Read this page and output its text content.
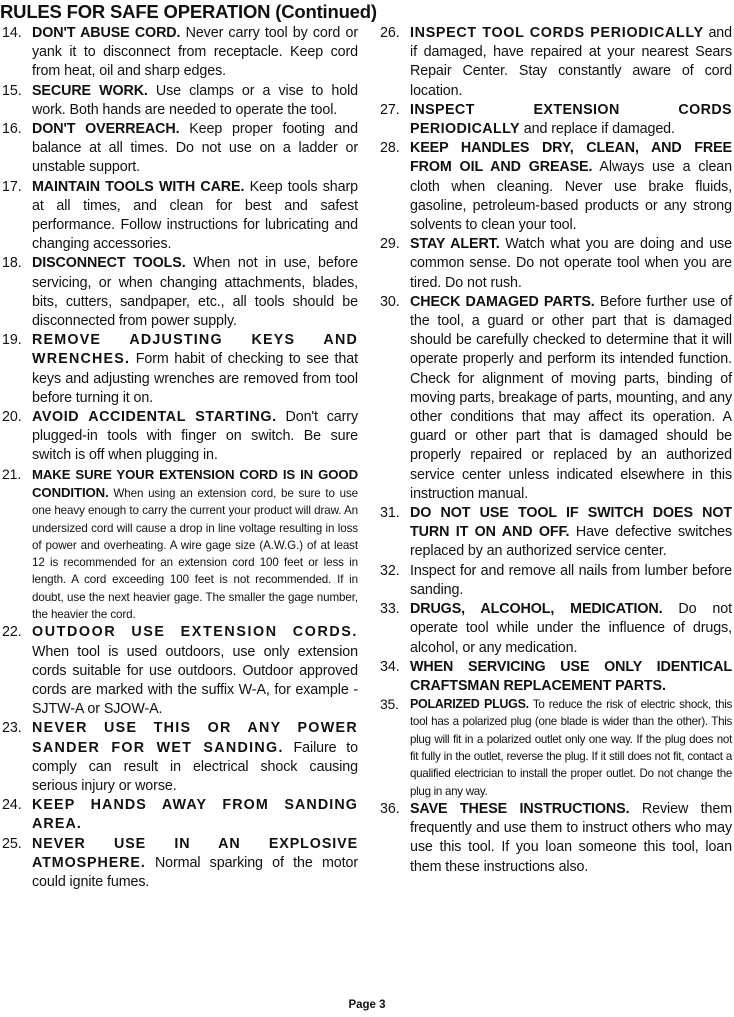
RULES FOR SAFE OPERATION (Continued)
14. DON'T ABUSE CORD. Never carry tool by cord or yank it to disconnect from receptacle. Keep cord from heat, oil and sharp edges.
15. SECURE WORK. Use clamps or a vise to hold work. Both hands are needed to operate the tool.
16. DON'T OVERREACH. Keep proper footing and balance at all times. Do not use on a ladder or unstable support.
17. MAINTAIN TOOLS WITH CARE. Keep tools sharp at all times, and clean for best and safest performance. Follow instructions for lubricating and changing accessories.
18. DISCONNECT TOOLS. When not in use, before servicing, or when changing attachments, blades, bits, cutters, sandpaper, etc., all tools should be disconnected from power supply.
19. REMOVE ADJUSTING KEYS AND WRENCHES. Form habit of checking to see that keys and adjusting wrenches are removed from tool before turning it on.
20. AVOID ACCIDENTAL STARTING. Don't carry plugged-in tools with finger on switch. Be sure switch is off when plugging in.
21. MAKE SURE YOUR EXTENSION CORD IS IN GOOD CONDITION. When using an extension cord, be sure to use one heavy enough to carry the current your product will draw. An undersized cord will cause a drop in line voltage resulting in loss of power and overheating. A wire gage size (A.W.G.) of at least 12 is recommended for an extension cord 100 feet or less in length. A cord exceeding 100 feet is not recommended. If in doubt, use the next heavier gage. The smaller the gage number, the heavier the cord.
22. OUTDOOR USE EXTENSION CORDS. When tool is used outdoors, use only extension cords suitable for use outdoors. Outdoor approved cords are marked with the suffix W-A, for example - SJTW-A or SJOW-A.
23. NEVER USE THIS OR ANY POWER SANDER FOR WET SANDING. Failure to comply can result in electrical shock causing serious injury or worse.
24. KEEP HANDS AWAY FROM SANDING AREA.
25. NEVER USE IN AN EXPLOSIVE ATMOSPHERE. Normal sparking of the motor could ignite fumes.
26. INSPECT TOOL CORDS PERIODICALLY and if damaged, have repaired at your nearest Sears Repair Center. Stay constantly aware of cord location.
27. INSPECT EXTENSION CORDS PERIODICALLY and replace if damaged.
28. KEEP HANDLES DRY, CLEAN, AND FREE FROM OIL AND GREASE. Always use a clean cloth when cleaning. Never use brake fluids, gasoline, petroleum-based products or any strong solvents to clean your tool.
29. STAY ALERT. Watch what you are doing and use common sense. Do not operate tool when you are tired. Do not rush.
30. CHECK DAMAGED PARTS. Before further use of the tool, a guard or other part that is damaged should be carefully checked to determine that it will operate properly and perform its intended function. Check for alignment of moving parts, binding of moving parts, breakage of parts, mounting, and any other conditions that may affect its operation. A guard or other part that is damaged should be properly repaired or replaced by an authorized service center unless indicated elsewhere in this instruction manual.
31. DO NOT USE TOOL IF SWITCH DOES NOT TURN IT ON AND OFF. Have defective switches replaced by an authorized service center.
32. Inspect for and remove all nails from lumber before sanding.
33. DRUGS, ALCOHOL, MEDICATION. Do not operate tool while under the influence of drugs, alcohol, or any medication.
34. WHEN SERVICING USE ONLY IDENTICAL CRAFTSMAN REPLACEMENT PARTS.
35. POLARIZED PLUGS. To reduce the risk of electric shock, this tool has a polarized plug (one blade is wider than the other). This plug will fit in a polarized outlet only one way. If the plug does not fit fully in the outlet, reverse the plug. If it still does not fit, contact a qualified electrician to install the proper outlet. Do not change the plug in any way.
36. SAVE THESE INSTRUCTIONS. Review them frequently and use them to instruct others who may use this tool. If you loan someone this tool, loan them these instructions also.
Page 3
